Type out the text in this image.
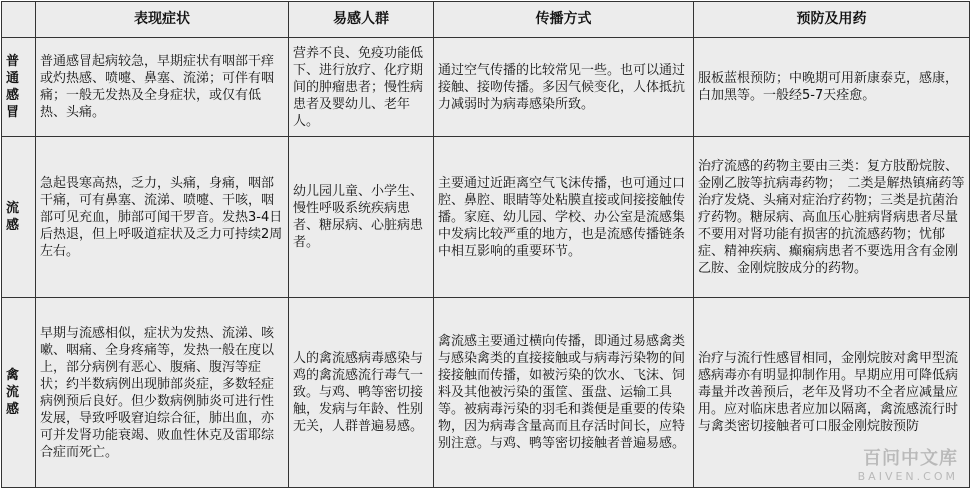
	表现症状	易感人群	传播方式	预防及用药
普通感冒	普通感冒起病较急，早期症状有咽部干痒或灼热感、喷嚏、鼻塞、流涕；可伴有咽痛；一般无发热及全身症状，或仅有低热、头痛。	营养不良、免疫功能低下、进行放疗、化疗期间的肿瘤患者；慢性病患者及婴幼儿、老年人。	通过空气传播的比较常见一些。也可以通过接触、接吻传播。多因气候变化，人体抵抗力减弱时为病毒感染所致。	服板蓝根预防；中晚期可用新康泰克，感康，白加黑等。一般经5-7天痊愈。
流感	急起畏寒高热，乏力，头痛，身痛，咽部干痛，可有鼻塞、流涕、喷嚏、干咳，咽部可见充血，肺部可闻干罗音。发热3-4日后热退，但上呼吸道症状及乏力可持续2周左右。	幼儿园儿童、小学生、慢性呼吸系统疾病患者、糖尿病、心脏病患者。	主要通过近距离空气飞沫传播，也可通过口腔、鼻腔、眼睛等处粘膜直接或间接接触传播。家庭、幼儿园、学校、办公室是流感集中发病比较严重的地方，也是流感传播链条中相互影响的重要环节。	治疗流感的药物主要由三类：复方肢酚烷胺、金刚乙胺等抗病毒药物；　二类是解热镇痛药等治疗发烧、头痛对症治疗药物；三类是抗菌治疗药物。糖尿病、高血压心脏病肾病患者尽量不要用对肾功能有损害的抗流感药物；忧郁症、精神疾病、癫痫病患者不要选用含有金刚乙胺、金刚烷胺成分的药物。
禽流感	早期与流感相似，症状为发热、流涕、咳嗽、咽痛、全身疼痛等，发热一般在度以上，部分病例有恶心、腹痛、腹泻等症状；约半数病例出现肺部炎症，多数轻症病例预后良好。但少数病例肺炎可进行性发展，导致呼吸窘迫综合征，肺出血，亦可并发肾功能衰竭、败血性休克及雷耶综合症而死亡。	人的禽流感病毒感染与鸡的禽流感流行毒气一致。与鸡、鸭等密切接触，发病与年龄、性别无关，人群普遍易感。	禽流感主要通过横向传播，即通过易感禽类与感染禽类的直接接触或与病毒污染物的间接接触而传播，如被污染的饮水、飞沫、饲料及其他被污染的蛋筐、蛋盘、运输工具等。被病毒污染的羽毛和粪便是重要的传染物，因为病毒含量高而且存活时间长，应特别注意。与鸡、鸭等密切接触者普遍易感。	治疗与流行性感冒相同，金刚烷胺对禽甲型流感病毒亦有明显抑制作用。早期应用可降低病毒量并改善预后，老年及肾功不全者应减量应用。应对临床患者应加以隔离，禽流感流行时与禽类密切接触者可口服金刚烷胺预防
百问中文库
BAIVEN.COM
